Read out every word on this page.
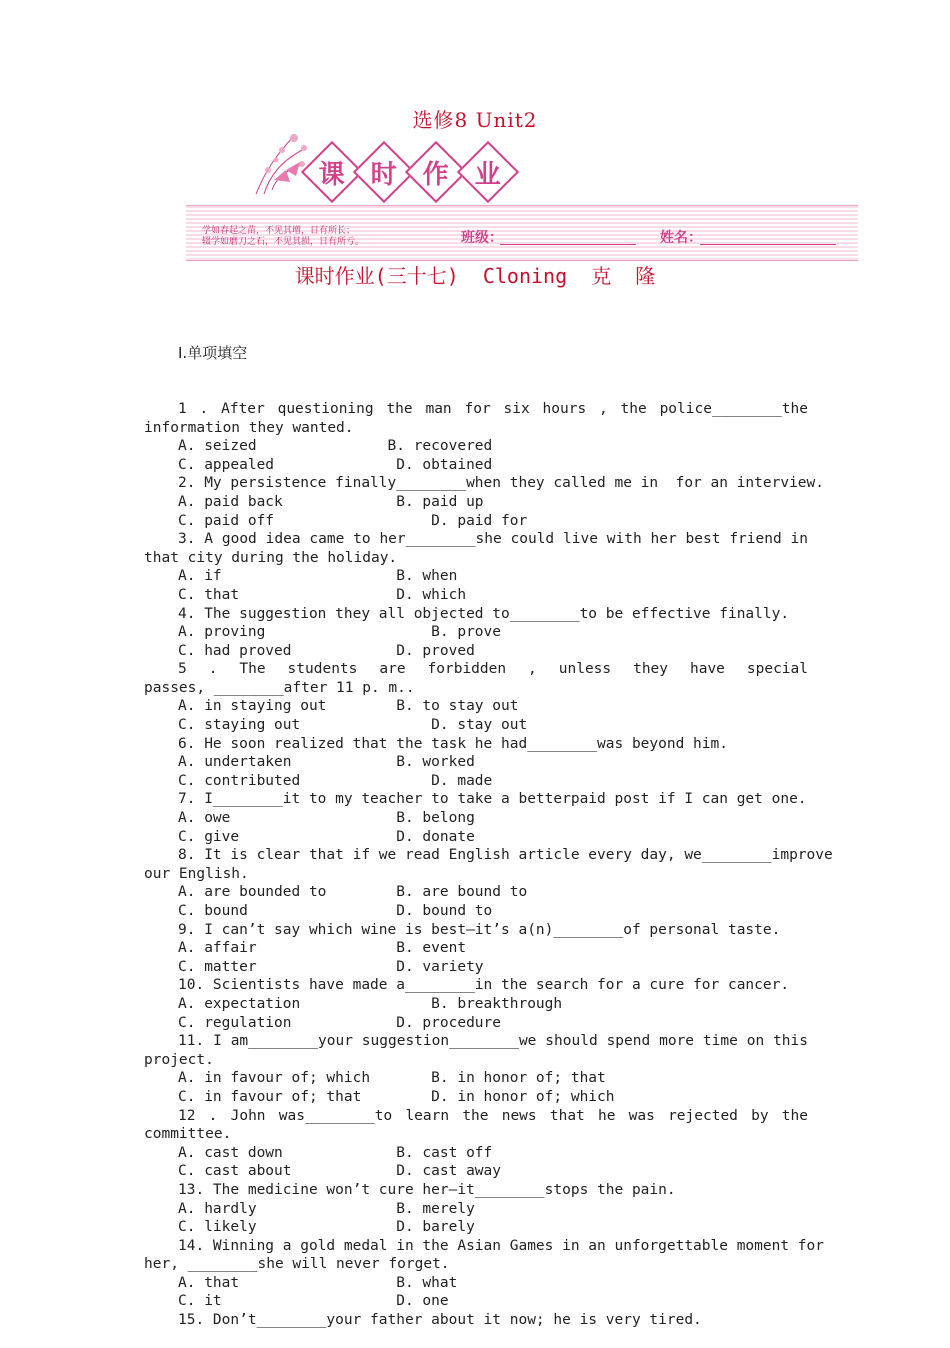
选修8 Unit2
课 时 作 业
学如春起之苗，不见其增，日有所长；
辍学如磨刀之石，不见其损，日有所亏。	班级：	姓名：
课时作业(三十七)  Cloning  克  隆

Ⅰ.单项填空

1 . After questioning the man for six hours , the police________the
information they wanted.
A. seized               B. recovered
C. appealed              D. obtained
2. My persistence finally________when they called me in  for an interview.
A. paid back             B. paid up
C. paid off                  D. paid for
3. A good idea came to her________she could live with her best friend in
that city during the holiday.
A. if                    B. when
C. that                  D. which
4. The suggestion they all objected to________to be effective finally.
A. proving                   B. prove
C. had proved            D. proved
5 . The students are forbidden , unless they have special
passes, ________after 11 p. m..
A. in staying out        B. to stay out
C. staying out               D. stay out
6. He soon realized that the task he had________was beyond him.
A. undertaken            B. worked
C. contributed               D. made
7. I________it to my teacher to take a betterpaid post if I can get one.
A. owe                   B. belong
C. give                  D. donate
8. It is clear that if we read English article every day, we________improve
our English.
A. are bounded to        B. are bound to
C. bound                 D. bound to
9. I can’t say which wine is best—it’s a(n)________of personal taste.
A. affair                B. event
C. matter                D. variety
10. Scientists have made a________in the search for a cure for cancer.
A. expectation               B. breakthrough
C. regulation            D. procedure
11. I am________your suggestion________we should spend more time on this
project.
A. in favour of; which       B. in honor of; that
C. in favour of; that        D. in honor of; which
12 . John was________to learn the news that he was rejected by the
committee.
A. cast down             B. cast off
C. cast about            D. cast away
13. The medicine won’t cure her—it________stops the pain.
A. hardly                B. merely
C. likely                D. barely
14. Winning a gold medal in the Asian Games in an unforgettable moment for
her, ________she will never forget.
A. that                  B. what
C. it                    D. one
15. Don’t________your father about it now; he is very tired.
